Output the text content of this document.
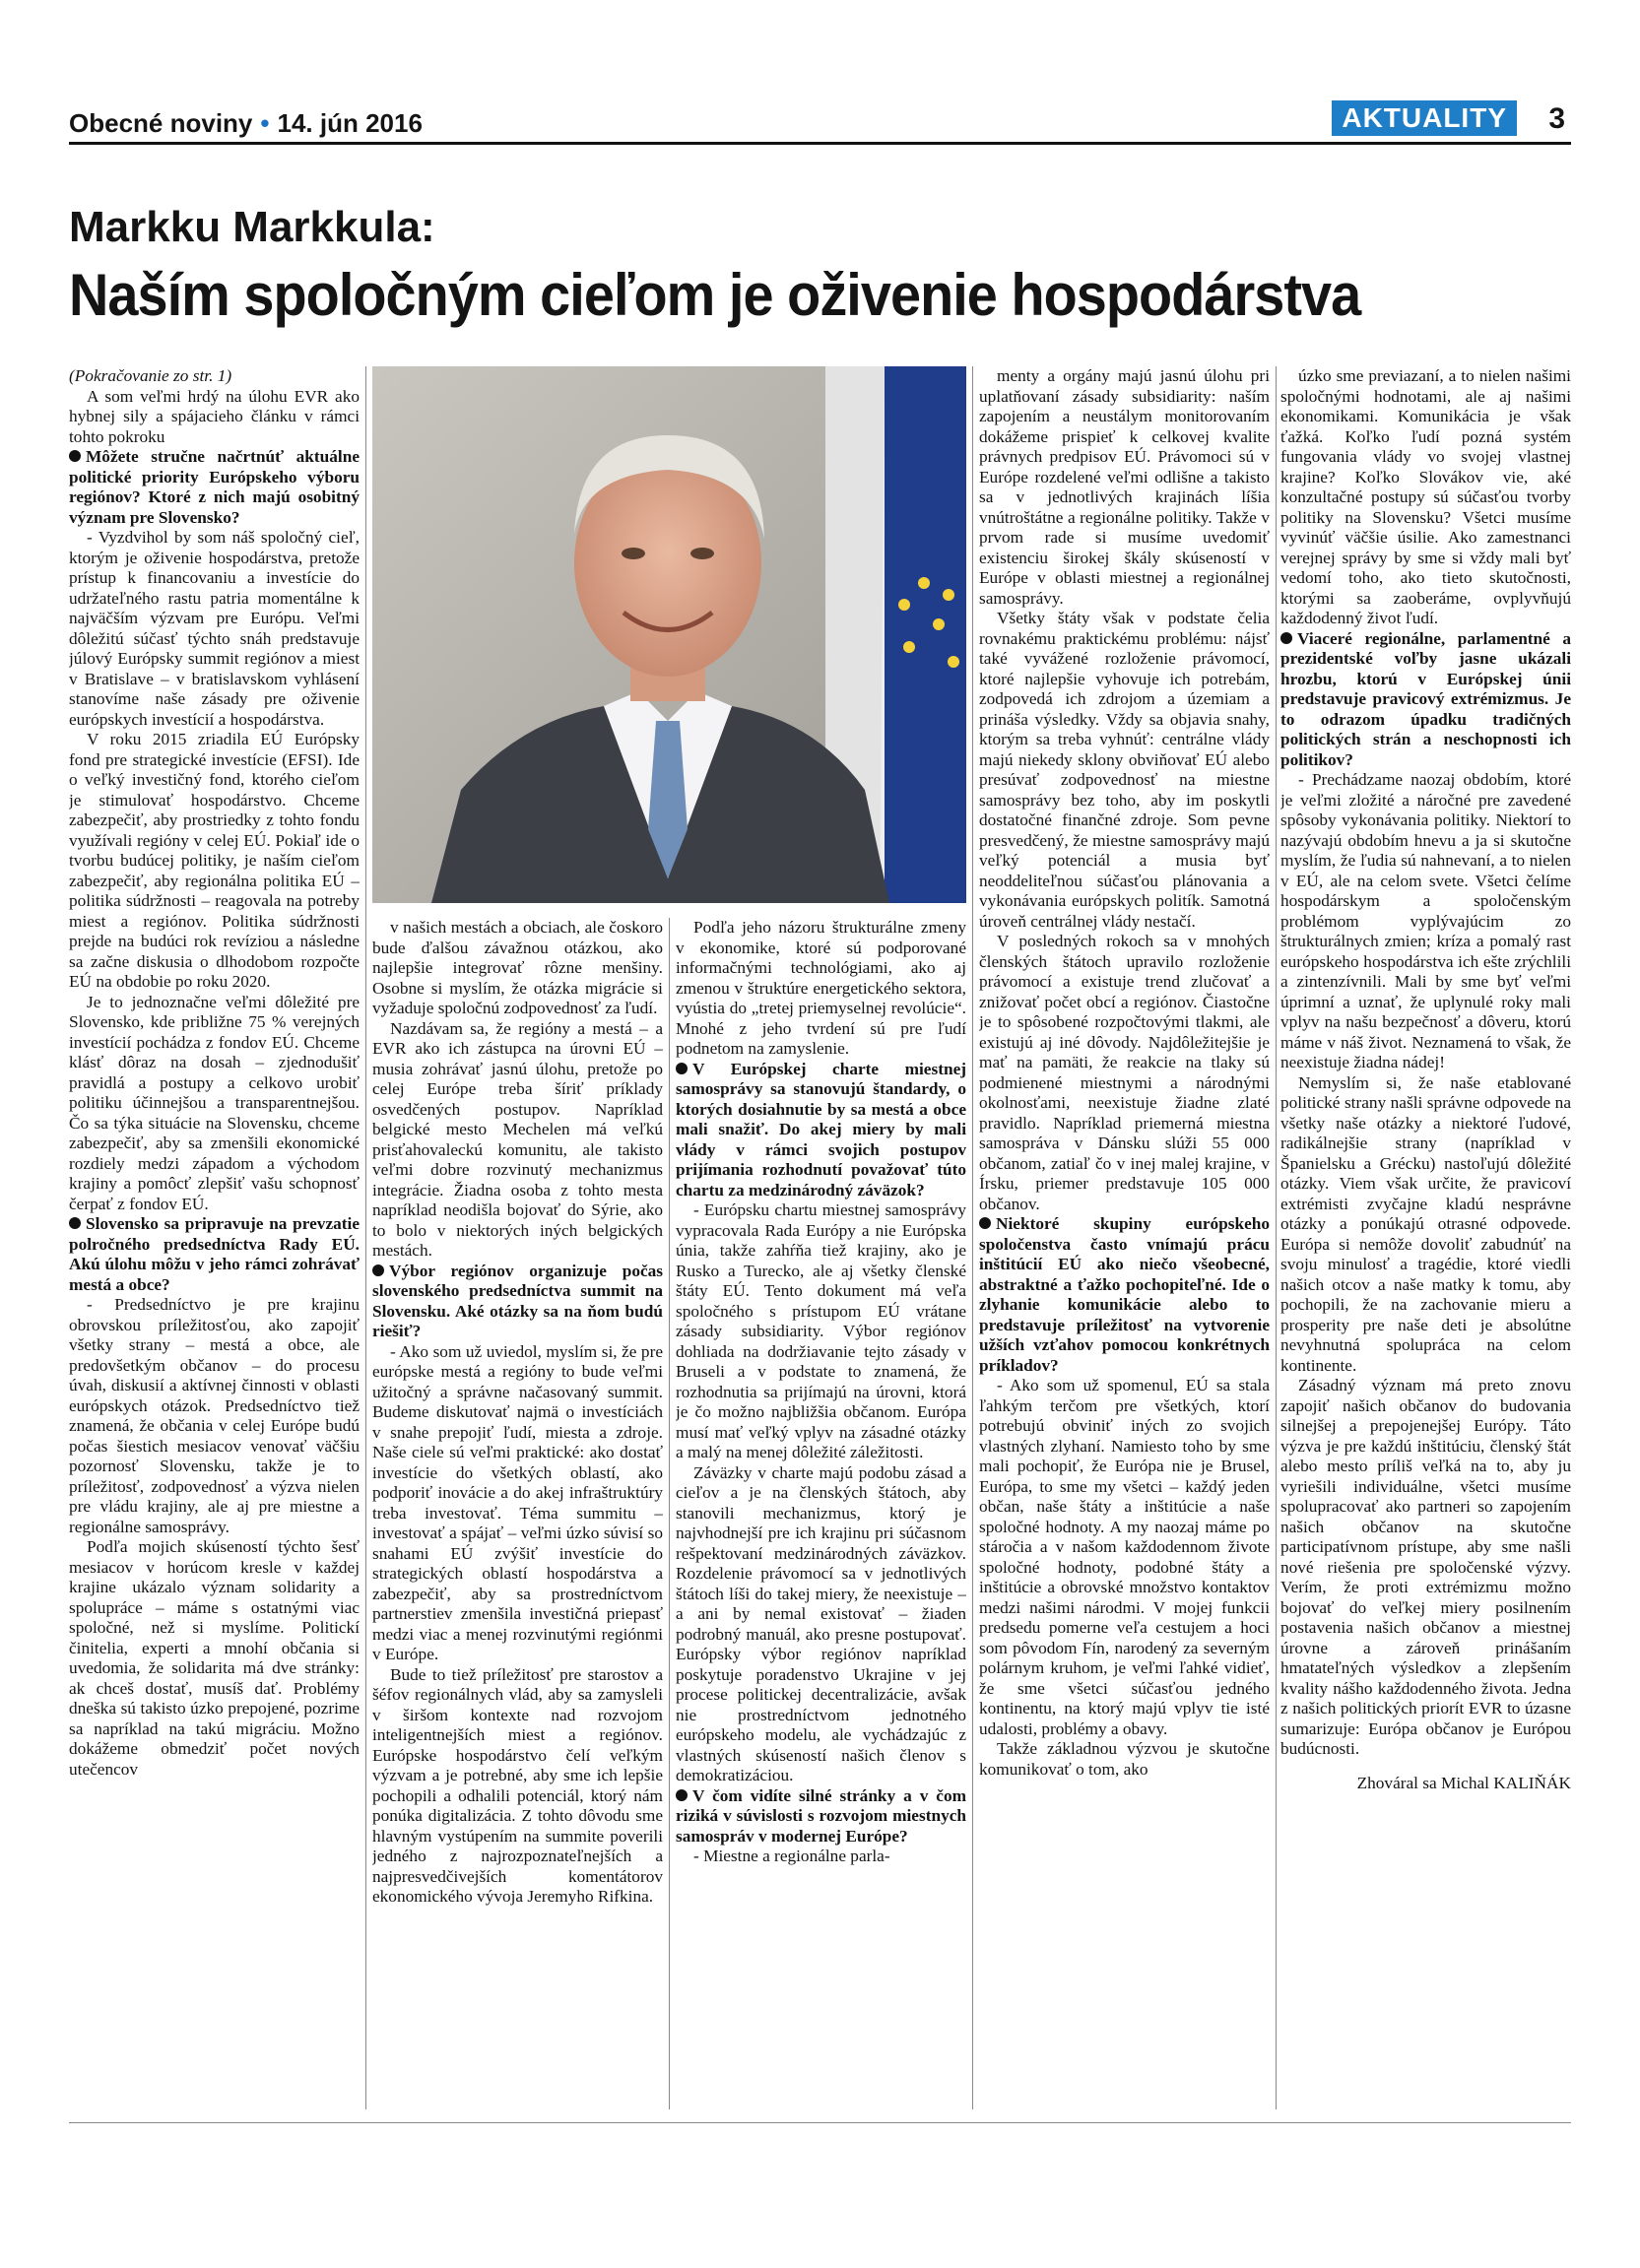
Obecné noviny • 14. jún 2016	AKTUALITY	3
Markku Markkula:
Naším spoločným cieľom je oživenie hospodárstva

(Pokračovanie zo str. 1)

A som veľmi hrdý na úlohu EVR ako hybnej sily a spájacieho článku v rámci tohto pokroku

Môžete stručne načrtnúť aktuálne politické priority Európskeho výboru regiónov? Ktoré z nich majú osobitný význam pre Slovensko?

- Vyzdvihol by som náš spoločný cieľ, ktorým je oživenie hospodárstva, pretože prístup k financovaniu a investície do udržateľného rastu patria momentálne k najväčším výzvam pre Európu. Veľmi dôležitú súčasť týchto snáh predstavuje júlový Európsky summit regiónov a miest v Bratislave – v bratislavskom vyhlásení stanovíme naše zásady pre oživenie európskych investícií a hospodárstva.

V roku 2015 zriadila EÚ Európsky fond pre strategické investície (EFSI). Ide o veľký investičný fond, ktorého cieľom je stimulovať hospodárstvo. Chceme zabezpečiť, aby prostriedky z tohto fondu využívali regióny v celej EÚ. Pokiaľ ide o tvorbu budúcej politiky, je naším cieľom zabezpečiť, aby regionálna politika EÚ – politika súdržnosti – reagovala na potreby miest a regiónov. Politika súdržnosti prejde na budúci rok revíziou a následne sa začne diskusia o dlhodobom rozpočte EÚ na obdobie po roku 2020.

Je to jednoznačne veľmi dôležité pre Slovensko, kde približne 75 % verejných investícií pochádza z fondov EÚ. Chceme klásť dôraz na dosah – zjednodušiť pravidlá a postupy a celkovo urobiť politiku účinnejšou a transparentnejšou. Čo sa týka situácie na Slovensku, chceme zabezpečiť, aby sa zmenšili ekonomické rozdiely medzi západom a východom krajiny a pomôcť zlepšiť vašu schopnosť čerpať z fondov EÚ.

Slovensko sa pripravuje na prevzatie polročného predsedníctva Rady EÚ. Akú úlohu môžu v jeho rámci zohrávať mestá a obce?

- Predsedníctvo je pre krajinu obrovskou príležitosťou, ako zapojiť všetky strany – mestá a obce, ale predovšetkým občanov – do procesu úvah, diskusií a aktívnej činnosti v oblasti európskych otázok. Predsedníctvo tiež znamená, že občania v celej Európe budú počas šiestich mesiacov venovať väčšiu pozornosť Slovensku, takže je to príležitosť, zodpovednosť a výzva nielen pre vládu krajiny, ale aj pre miestne a regionálne samosprávy.

Podľa mojich skúseností týchto šesť mesiacov v horúcom kresle v každej krajine ukázalo význam solidarity a spolupráce – máme s ostatnými viac spoločné, než si myslíme. Politickí činitelia, experti a mnohí občania si uvedomia, že solidarita má dve stránky: ak chceš dostať, musíš dať. Problémy dneška sú takisto úzko prepojené, pozrime sa napríklad na takú migráciu. Možno dokážeme obmedziť počet nových utečencov

v našich mestách a obciach, ale čoskoro bude ďalšou závažnou otázkou, ako najlepšie integrovať rôzne menšiny. Osobne si myslím, že otázka migrácie si vyžaduje spoločnú zodpovednosť za ľudí.

Nazdávam sa, že regióny a mestá – a EVR ako ich zástupca na úrovni EÚ – musia zohrávať jasnú úlohu, pretože po celej Európe treba šíriť príklady osvedčených postupov. Napríklad belgické mesto Mechelen má veľkú prisťahovaleckú komunitu, ale takisto veľmi dobre rozvinutý mechanizmus integrácie. Žiadna osoba z tohto mesta napríklad neodišla bojovať do Sýrie, ako to bolo v niektorých iných belgických mestách.

Výbor regiónov organizuje počas slovenského predsedníctva summit na Slovensku. Aké otázky sa na ňom budú riešiť?

- Ako som už uviedol, myslím si, že pre európske mestá a regióny to bude veľmi užitočný a správne načasovaný summit. Budeme diskutovať najmä o investíciách v snahe prepojiť ľudí, miesta a zdroje. Naše ciele sú veľmi praktické: ako dostať investície do všetkých oblastí, ako podporiť inovácie a do akej infraštruktúry treba investovať. Téma summitu – investovať a spájať – veľmi úzko súvisí so snahami EÚ zvýšiť investície do strategických oblastí hospodárstva a zabezpečiť, aby sa prostredníctvom partnerstiev zmenšila investičná priepasť medzi viac a menej rozvinutými regiónmi v Európe.

Bude to tiež príležitosť pre starostov a šéfov regionálnych vlád, aby sa zamysleli v širšom kontexte nad rozvojom inteligentnejších miest a regiónov. Európske hospodárstvo čelí veľkým výzvam a je potrebné, aby sme ich lepšie pochopili a odhalili potenciál, ktorý nám ponúka digitalizácia. Z tohto dôvodu sme hlavným vystúpením na summite poverili jedného z najrozpoznateľnejších a najpresvedčivejších komentátorov ekonomického vývoja Jeremyho Rifkina.

Podľa jeho názoru štrukturálne zmeny v ekonomike, ktoré sú podporované informačnými technológiami, ako aj zmenou v štruktúre energetického sektora, vyústia do „tretej priemyselnej revolúcie“. Mnohé z jeho tvrdení sú pre ľudí podnetom na zamyslenie.

V Európskej charte miestnej samosprávy sa stanovujú štandardy, o ktorých dosiahnutie by sa mestá a obce mali snažiť. Do akej miery by mali vlády v rámci svojich postupov prijímania rozhodnutí považovať túto chartu za medzinárodný záväzok?

- Európsku chartu miestnej samosprávy vypracovala Rada Európy a nie Európska únia, takže zahŕňa tiež krajiny, ako je Rusko a Turecko, ale aj všetky členské štáty EÚ. Tento dokument má veľa spoločného s prístupom EÚ vrátane zásady subsidiarity. Výbor regiónov dohliada na dodržiavanie tejto zásady v Bruseli a v podstate to znamená, že rozhodnutia sa prijímajú na úrovni, ktorá je čo možno najbližšia občanom. Európa musí mať veľký vplyv na zásadné otázky a malý na menej dôležité záležitosti.

Záväzky v charte majú podobu zásad a cieľov a je na členských štátoch, aby stanovili mechanizmus, ktorý je najvhodnejší pre ich krajinu pri súčasnom rešpektovaní medzinárodných záväzkov. Rozdelenie právomocí sa v jednotlivých štátoch líši do takej miery, že neexistuje – a ani by nemal existovať – žiaden podrobný manuál, ako presne postupovať. Európsky výbor regiónov napríklad poskytuje poradenstvo Ukrajine v jej procese politickej decentralizácie, avšak nie prostredníctvom jednotného európskeho modelu, ale vychádzajúc z vlastných skúseností našich členov s demokratizáciou.

V čom vidíte silné stránky a v čom riziká v súvislosti s rozvojom miestnych samospráv v modernej Európe?

- Miestne a regionálne parla-

menty a orgány majú jasnú úlohu pri uplatňovaní zásady subsidiarity: naším zapojením a neustálym monitorovaním dokážeme prispieť k celkovej kvalite právnych predpisov EÚ. Právomoci sú v Európe rozdelené veľmi odlišne a takisto sa v jednotlivých krajinách líšia vnútroštátne a regionálne politiky. Takže v prvom rade si musíme uvedomiť existenciu širokej škály skúseností v Európe v oblasti miestnej a regionálnej samosprávy.

Všetky štáty však v podstate čelia rovnakému praktickému problému: nájsť také vyvážené rozloženie právomocí, ktoré najlepšie vyhovuje ich potrebám, zodpovedá ich zdrojom a územiam a prináša výsledky. Vždy sa objavia snahy, ktorým sa treba vyhnúť: centrálne vlády majú niekedy sklony obviňovať EÚ alebo presúvať zodpovednosť na miestne samosprávy bez toho, aby im poskytli dostatočné finančné zdroje. Som pevne presvedčený, že miestne samosprávy majú veľký potenciál a musia byť neoddeliteľnou súčasťou plánovania a vykonávania európskych politík. Samotná úroveň centrálnej vlády nestačí.

V posledných rokoch sa v mnohých členských štátoch upravilo rozloženie právomocí a existuje trend zlučovať a znižovať počet obcí a regiónov. Čiastočne je to spôsobené rozpočtovými tlakmi, ale existujú aj iné dôvody. Najdôležitejšie je mať na pamäti, že reakcie na tlaky sú podmienené miestnymi a národnými okolnosťami, neexistuje žiadne zlaté pravidlo. Napríklad priemerná miestna samospráva v Dánsku slúži 55 000 občanom, zatiaľ čo v inej malej krajine, v Írsku, priemer predstavuje 105 000 občanov.

Niektoré skupiny európskeho spoločenstva často vnímajú prácu inštitúcií EÚ ako niečo všeobecné, abstraktné a ťažko pochopiteľné. Ide o zlyhanie komunikácie alebo to predstavuje príležitosť na vytvorenie užších vzťahov pomocou konkrétnych príkladov?

- Ako som už spomenul, EÚ sa stala ľahkým terčom pre všetkých, ktorí potrebujú obviniť iných zo svojich vlastných zlyhaní. Namiesto toho by sme mali pochopiť, že Európa nie je Brusel, Európa, to sme my všetci – každý jeden občan, naše štáty a inštitúcie a naše spoločné hodnoty. A my naozaj máme po stáročia a v našom každodennom živote spoločné hodnoty, podobné štáty a inštitúcie a obrovské množstvo kontaktov medzi našimi národmi. V mojej funkcii predsedu pomerne veľa cestujem a hoci som pôvodom Fín, narodený za severným polárnym kruhom, je veľmi ľahké vidieť, že sme všetci súčasťou jedného kontinentu, na ktorý majú vplyv tie isté udalosti, problémy a obavy.

Takže základnou výzvou je skutočne komunikovať o tom, ako

úzko sme previazaní, a to nielen našimi spoločnými hodnotami, ale aj našimi ekonomikami. Komunikácia je však ťažká. Koľko ľudí pozná systém fungovania vlády vo svojej vlastnej krajine? Koľko Slovákov vie, aké konzultačné postupy sú súčasťou tvorby politiky na Slovensku? Všetci musíme vyvinúť väčšie úsilie. Ako zamestnanci verejnej správy by sme si vždy mali byť vedomí toho, ako tieto skutočnosti, ktorými sa zaoberáme, ovplyvňujú každodenný život ľudí.

Viaceré regionálne, parlamentné a prezidentské voľby jasne ukázali hrozbu, ktorú v Európskej únii predstavuje pravicový extrémizmus. Je to odrazom úpadku tradičných politických strán a neschopnosti ich politikov?

- Prechádzame naozaj obdobím, ktoré je veľmi zložité a náročné pre zavedené spôsoby vykonávania politiky. Niektorí to nazývajú obdobím hnevu a ja si skutočne myslím, že ľudia sú nahnevaní, a to nielen v EÚ, ale na celom svete. Všetci čelíme hospodárskym a spoločenským problémom vyplývajúcim zo štrukturálnych zmien; kríza a pomalý rast európskeho hospodárstva ich ešte zrýchlili a zintenzívnili. Mali by sme byť veľmi úprimní a uznať, že uplynulé roky mali vplyv na našu bezpečnosť a dôveru, ktorú máme v náš život. Neznamená to však, že neexistuje žiadna nádej!

Nemyslím si, že naše etablované politické strany našli správne odpovede na všetky naše otázky a niektoré ľudové, radikálnejšie strany (napríklad v Španielsku a Grécku) nastoľujú dôležité otázky. Viem však určite, že pravicoví extrémisti zvyčajne kladú nesprávne otázky a ponúkajú otrasné odpovede. Európa si nemôže dovoliť zabudnúť na svoju minulosť a tragédie, ktoré viedli našich otcov a naše matky k tomu, aby pochopili, že na zachovanie mieru a prosperity pre naše deti je absolútne nevyhnutná spolupráca na celom kontinente.

Zásadný význam má preto znovu zapojiť našich občanov do budovania silnejšej a prepojenejšej Európy. Táto výzva je pre každú inštitúciu, členský štát alebo mesto príliš veľká na to, aby ju vyriešili individuálne, všetci musíme spolupracovať ako partneri so zapojením našich občanov na skutočne participatívnom prístupe, aby sme našli nové riešenia pre spoločenské výzvy. Verím, že proti extrémizmu možno bojovať do veľkej miery posilnením postavenia našich občanov a miestnej úrovne a zároveň prinášaním hmatateľných výsledkov a zlepšením kvality nášho každodenného života. Jedna z našich politických priorít EVR to úzasne sumarizuje: Európa občanov je Európou budúcnosti.

Zhováral sa Michal KALIŇÁK
